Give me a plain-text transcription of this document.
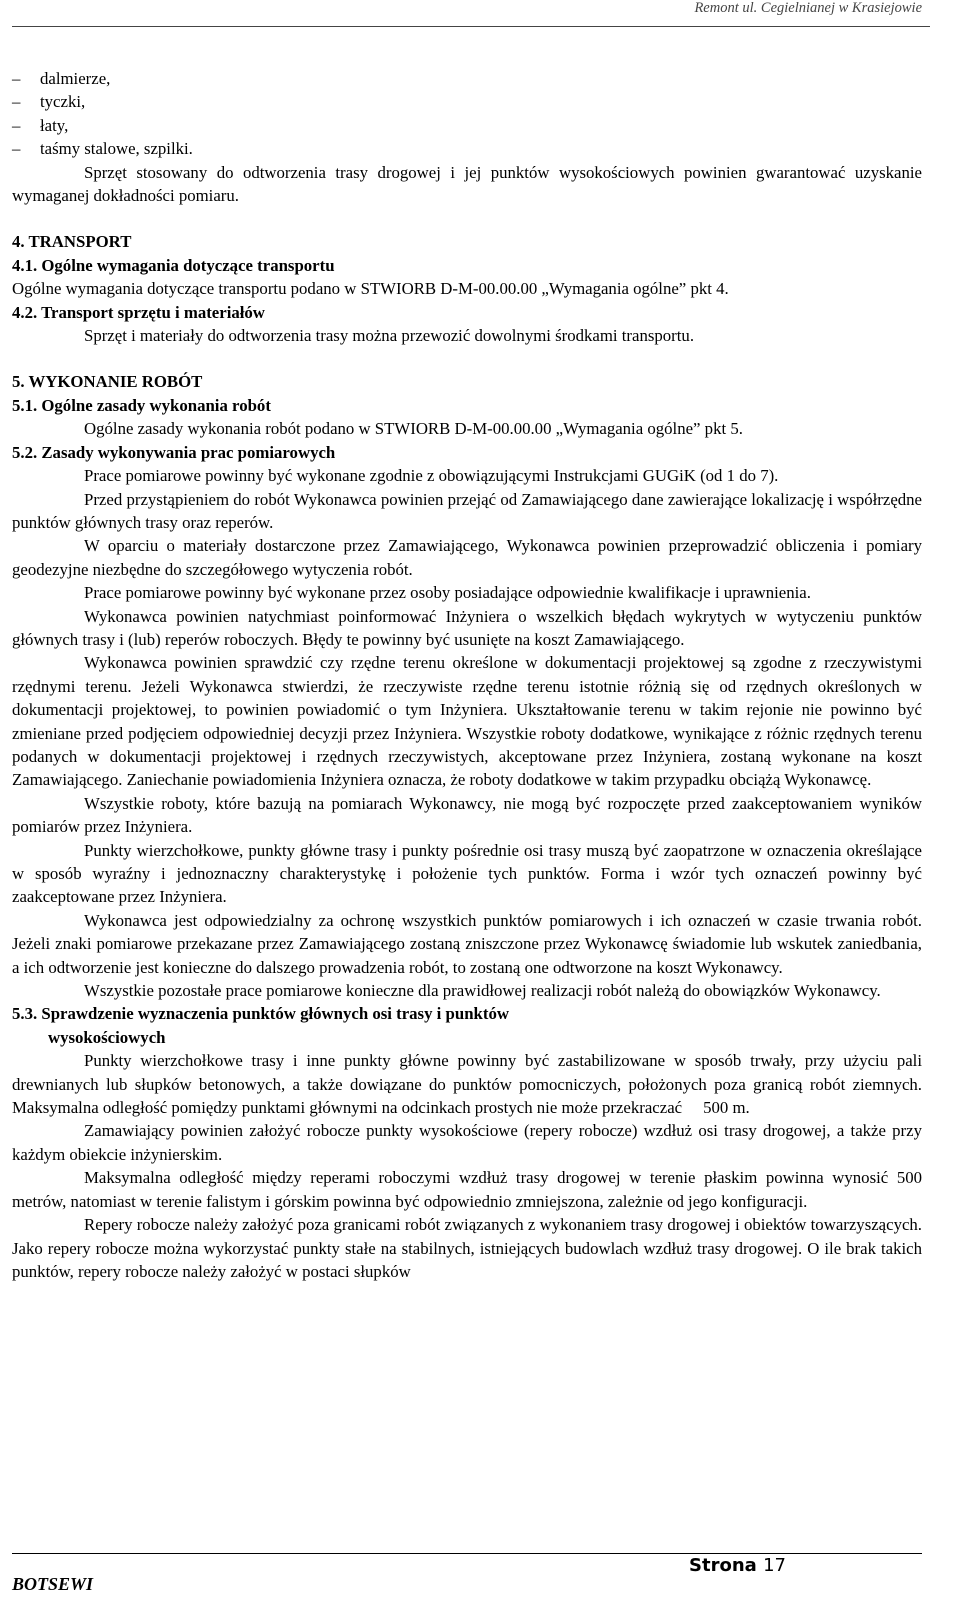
Remont ul. Cegielnianej w Krasiejowie
– dalmierze,
– tyczki,
– łaty,
– taśmy stalowe, szpilki.

Sprzęt stosowany do odtworzenia trasy drogowej i jej punktów wysokościowych powinien gwarantować uzyskanie wymaganej dokładności pomiaru.

4. TRANSPORT
4.1. Ogólne wymagania dotyczące transportu

Ogólne wymagania dotyczące transportu podano w STWIORB D-M-00.00.00 „Wymagania ogólne” pkt 4.

4.2. Transport sprzętu i materiałów

Sprzęt i materiały do odtworzenia trasy można przewozić dowolnymi środkami transportu.

5. WYKONANIE ROBÓT
5.1. Ogólne zasady wykonania robót

Ogólne zasady wykonania robót podano w STWIORB D-M-00.00.00 „Wymagania ogólne” pkt 5.

5.2. Zasady wykonywania prac pomiarowych

Prace pomiarowe powinny być wykonane zgodnie z obowiązującymi Instrukcjami GUGiK (od 1 do 7).

Przed przystąpieniem do robót Wykonawca powinien przejąć od Zamawiającego dane zawierające lokalizację i współrzędne punktów głównych trasy oraz reperów.

W oparciu o materiały dostarczone przez Zamawiającego, Wykonawca powinien przeprowadzić obliczenia i pomiary geodezyjne niezbędne do szczegółowego wytyczenia robót.

Prace pomiarowe powinny być wykonane przez osoby posiadające odpowiednie kwalifikacje i uprawnienia.

Wykonawca powinien natychmiast poinformować Inżyniera o wszelkich błędach wykrytych w wytyczeniu punktów głównych trasy i (lub) reperów roboczych. Błędy te powinny być usunięte na koszt Zamawiającego.

Wykonawca powinien sprawdzić czy rzędne terenu określone w dokumentacji projektowej są zgodne z rzeczywistymi rzędnymi terenu. Jeżeli Wykonawca stwierdzi, że rzeczywiste rzędne terenu istotnie różnią się od rzędnych określonych w dokumentacji projektowej, to powinien powiadomić o tym Inżyniera. Ukształtowanie terenu w takim rejonie nie powinno być zmieniane przed podjęciem odpowiedniej decyzji przez Inżyniera. Wszystkie roboty dodatkowe, wynikające z różnic rzędnych terenu podanych w dokumentacji projektowej i rzędnych rzeczywistych, akceptowane przez Inżyniera, zostaną wykonane na koszt Zamawiającego. Zaniechanie powiadomienia Inżyniera oznacza, że roboty dodatkowe w takim przypadku obciążą Wykonawcę.

Wszystkie roboty, które bazują na pomiarach Wykonawcy, nie mogą być rozpoczęte przed zaakceptowaniem wyników pomiarów przez Inżyniera.

Punkty wierzchołkowe, punkty główne trasy i punkty pośrednie osi trasy muszą być zaopatrzone w oznaczenia określające w sposób wyraźny i jednoznaczny charakterystykę i położenie tych punktów. Forma i wzór tych oznaczeń powinny być zaakceptowane przez Inżyniera.

Wykonawca jest odpowiedzialny za ochronę wszystkich punktów pomiarowych i ich oznaczeń w czasie trwania robót. Jeżeli znaki pomiarowe przekazane przez Zamawiającego zostaną zniszczone przez Wykonawcę świadomie lub wskutek zaniedbania, a ich odtworzenie jest konieczne do dalszego prowadzenia robót, to zostaną one odtworzone na koszt Wykonawcy.

Wszystkie pozostałe prace pomiarowe konieczne dla prawidłowej realizacji robót należą do obowiązków Wykonawcy.

5.3. Sprawdzenie wyznaczenia punktów głównych osi trasy i punktów
wysokościowych

Punkty wierzchołkowe trasy i inne punkty główne powinny być zastabilizowane w sposób trwały, przy użyciu pali drewnianych lub słupków betonowych, a także dowiązane do punktów pomocniczych, położonych poza granicą robót ziemnych. Maksymalna odległość pomiędzy punktami głównymi na odcinkach prostych nie może przekraczać     500 m.

Zamawiający powinien założyć robocze punkty wysokościowe (repery robocze) wzdłuż osi trasy drogowej, a także przy każdym obiekcie inżynierskim.

Maksymalna odległość między reperami roboczymi wzdłuż trasy drogowej w terenie płaskim powinna wynosić 500 metrów, natomiast w terenie falistym i górskim powinna być odpowiednio zmniejszona, zależnie od jego konfiguracji.

Repery robocze należy założyć poza granicami robót związanych z wykonaniem trasy drogowej i obiektów towarzyszących. Jako repery robocze można wykorzystać punkty stałe na stabilnych, istniejących budowlach wzdłuż trasy drogowej. O ile brak takich punktów, repery robocze należy założyć w postaci słupków

BOTSEWI
Strona 17
